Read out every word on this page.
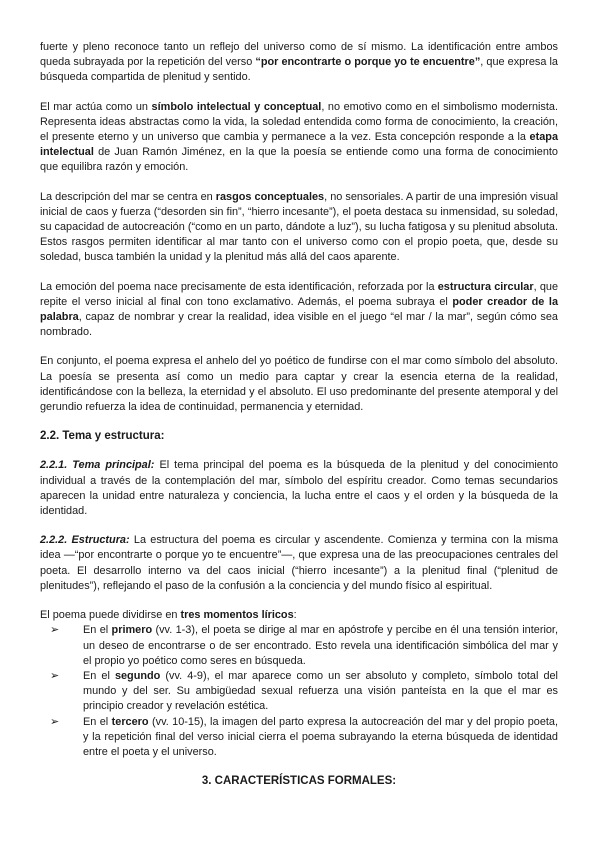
fuerte y pleno reconoce tanto un reflejo del universo como de sí mismo. La identificación entre ambos queda subrayada por la repetición del verso “por encontrarte o porque yo te encuentre”, que expresa la búsqueda compartida de plenitud y sentido.

El mar actúa como un símbolo intelectual y conceptual, no emotivo como en el simbolismo modernista. Representa ideas abstractas como la vida, la soledad entendida como forma de conocimiento, la creación, el presente eterno y un universo que cambia y permanece a la vez. Esta concepción responde a la etapa intelectual de Juan Ramón Jiménez, en la que la poesía se entiende como una forma de conocimiento que equilibra razón y emoción.

La descripción del mar se centra en rasgos conceptuales, no sensoriales. A partir de una impresión visual inicial de caos y fuerza (“desorden sin fin”, “hierro incesante”), el poeta destaca su inmensidad, su soledad, su capacidad de autocreación (“como en un parto, dándote a luz”), su lucha fatigosa y su plenitud absoluta. Estos rasgos permiten identificar al mar tanto con el universo como con el propio poeta, que, desde su soledad, busca también la unidad y la plenitud más allá del caos aparente.

La emoción del poema nace precisamente de esta identificación, reforzada por la estructura circular, que repite el verso inicial al final con tono exclamativo. Además, el poema subraya el poder creador de la palabra, capaz de nombrar y crear la realidad, idea visible en el juego “el mar / la mar”, según cómo sea nombrado.

En conjunto, el poema expresa el anhelo del yo poético de fundirse con el mar como símbolo del absoluto. La poesía se presenta así como un medio para captar y crear la esencia eterna de la realidad, identificándose con la belleza, la eternidad y el absoluto. El uso predominante del presente atemporal y del gerundio refuerza la idea de continuidad, permanencia y eternidad.

2.2. Tema y estructura:

2.2.1. Tema principal: El tema principal del poema es la búsqueda de la plenitud y del conocimiento individual a través de la contemplación del mar, símbolo del espíritu creador. Como temas secundarios aparecen la unidad entre naturaleza y conciencia, la lucha entre el caos y el orden y la búsqueda de la identidad.

2.2.2. Estructura: La estructura del poema es circular y ascendente. Comienza y termina con la misma idea —“por encontrarte o porque yo te encuentre”—, que expresa una de las preocupaciones centrales del poeta. El desarrollo interno va del caos inicial (“hierro incesante”) a la plenitud final (“plenitud de plenitudes”), reflejando el paso de la confusión a la conciencia y del mundo físico al espiritual.

El poema puede dividirse en tres momentos líricos:

➢ En el primero (vv. 1-3), el poeta se dirige al mar en apóstrofe y percibe en él una tensión interior, un deseo de encontrarse o de ser encontrado. Esto revela una identificación simbólica del mar y el propio yo poético como seres en búsqueda.
➢ En el segundo (vv. 4-9), el mar aparece como un ser absoluto y completo, símbolo total del mundo y del ser. Su ambigüedad sexual refuerza una visión panteísta en la que el mar es principio creador y revelación estética.
➢ En el tercero (vv. 10-15), la imagen del parto expresa la autocreación del mar y del propio poeta, y la repetición final del verso inicial cierra el poema subrayando la eterna búsqueda de identidad entre el poeta y el universo.
3. CARACTERÍSTICAS FORMALES:
